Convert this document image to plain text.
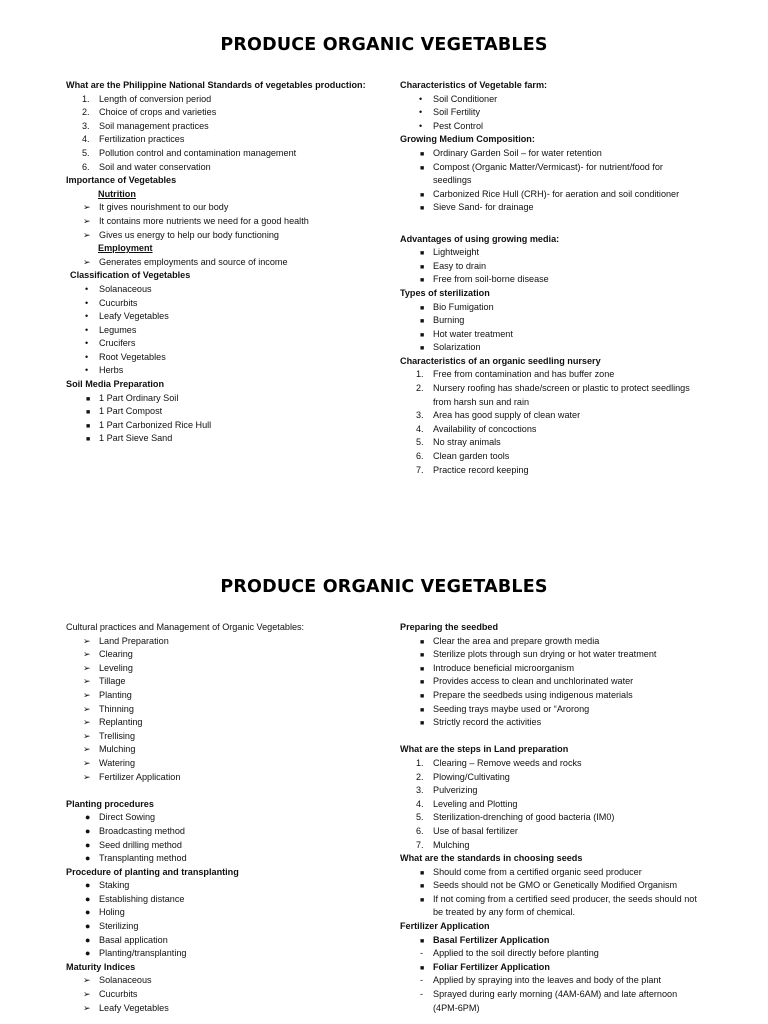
PRODUCE ORGANIC VEGETABLES

What are the Philippine National Standards of vegetables production:

1. Length of conversion period
2. Choice of crops and varieties
3. Soil management practices
4. Fertilization practices
5. Pollution control and contamination management
6. Soil and water conservation

Importance of Vegetables

Nutrition

➢ It gives nourishment to our body
➢ It contains more nutrients we need for a good health
➢ Gives us energy to help our body functioning

Employment

➢ Generates employments and source of income

Classification of Vegetables

• Solanaceous
• Cucurbits
• Leafy Vegetables
• Legumes
• Crucifers
• Root Vegetables
• Herbs

Soil Media Preparation

■ 1 Part Ordinary Soil
■ 1 Part Compost
■ 1 Part Carbonized Rice Hull
■ 1 Part Sieve Sand

Characteristics of Vegetable farm:

• Soil Conditioner
• Soil Fertility
• Pest Control

Growing Medium Composition:

■ Ordinary Garden Soil – for water retention
■ Compost (Organic Matter/Vermicast)- for nutrient/food for seedlings
■ Carbonized Rice Hull (CRH)- for aeration and soil conditioner
■ Sieve Sand- for drainage

Advantages of using growing media:

■ Lightweight
■ Easy to drain
■ Free from soil-borne disease

Types of sterilization

■ Bio Fumigation
■ Burning
■ Hot water treatment
■ Solarization

Characteristics of an organic seedling nursery

1. Free from contamination and has buffer zone
2. Nursery roofing has shade/screen or plastic to protect seedlings from harsh sun and rain
3. Area has good supply of clean water
4. Availability of concoctions
5. No stray animals
6. Clean garden tools
7. Practice record keeping
PRODUCE ORGANIC VEGETABLES

Cultural practices and Management of Organic Vegetables:

➢ Land Preparation
➢ Clearing
➢ Leveling
➢ Tillage
➢ Planting
➢ Thinning
➢ Replanting
➢ Trellising
➢ Mulching
➢ Watering
➢ Fertilizer Application

Planting procedures

● Direct Sowing
● Broadcasting method
● Seed drilling method
● Transplanting method

Procedure of planting and transplanting

● Staking
● Establishing distance
● Holing
● Sterilizing
● Basal application
● Planting/transplanting

Maturity Indices

➢ Solanaceous
➢ Cucurbits
➢ Leafy Vegetables

Preparing the seedbed

■ Clear the area and prepare growth media
■ Sterilize plots through sun drying or hot water treatment
■ Introduce beneficial microorganism
■ Provides access to clean and unchlorinated water
■ Prepare the seedbeds using indigenous materials
■ Seeding trays maybe used or “Arorong
■ Strictly record the activities

What are the steps in Land preparation

1. Clearing – Remove weeds and rocks
2. Plowing/Cultivating
3. Pulverizing
4. Leveling and Plotting
5. Sterilization-drenching of good bacteria (IM0)
6. Use of basal fertilizer
7. Mulching

What are the standards in choosing seeds

■ Should come from a certified organic seed producer
■ Seeds should not be GMO or Genetically Modified Organism
■ If not coming from a certified seed producer, the seeds should not be treated by any form of chemical.

Fertilizer Application

■ Basal Fertilizer Application
- Applied to the soil directly before planting
■ Foliar Fertilizer Application
- Applied by spraying into the leaves and body of the plant
- Sprayed during early morning (4AM-6AM) and late afternoon (4PM-6PM)
